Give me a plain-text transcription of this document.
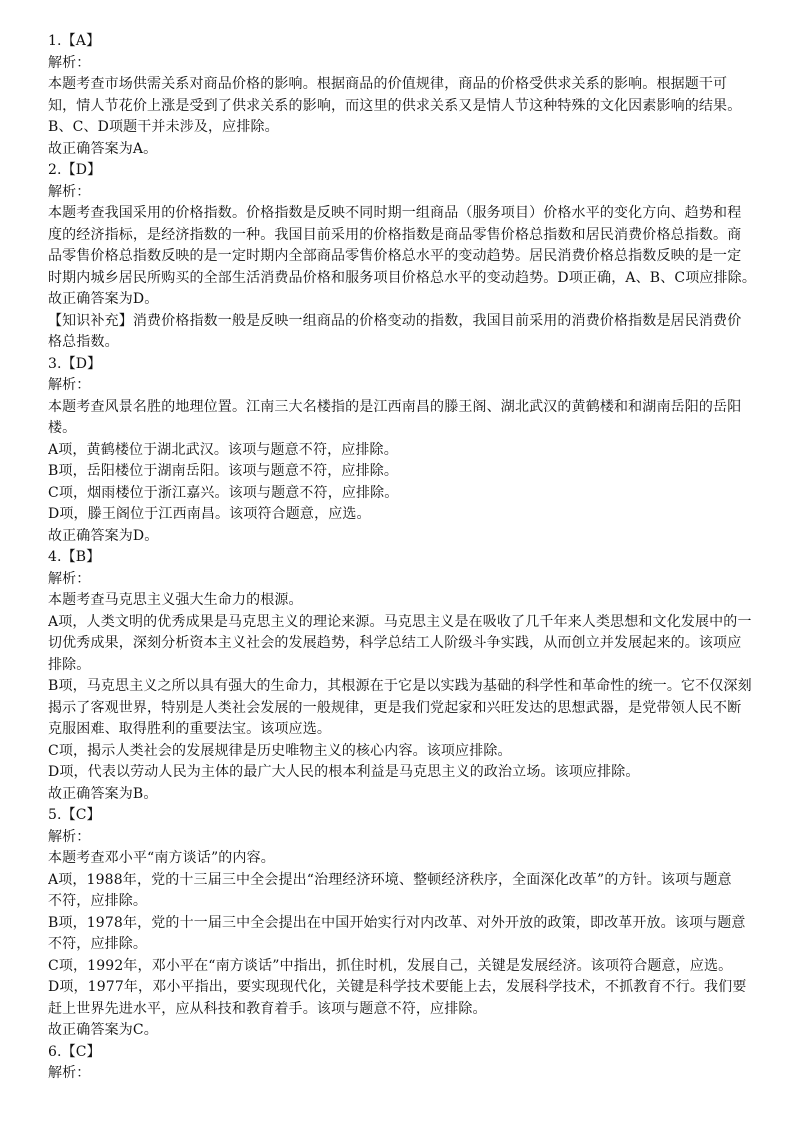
1.【A】
解析：
本题考查市场供需关系对商品价格的影响。根据商品的价值规律，商品的价格受供求关系的影响。根据题干可
知，情人节花价上涨是受到了供求关系的影响，而这里的供求关系又是情人节这种特殊的文化因素影响的结果。
B、C、D项题干并未涉及，应排除。
故正确答案为A。
2.【D】
解析：
本题考查我国采用的价格指数。价格指数是反映不同时期一组商品（服务项目）价格水平的变化方向、趋势和程
度的经济指标，是经济指数的一种。我国目前采用的价格指数是商品零售价格总指数和居民消费价格总指数。商
品零售价格总指数反映的是一定时期内全部商品零售价格总水平的变动趋势。居民消费价格总指数反映的是一定
时期内城乡居民所购买的全部生活消费品价格和服务项目价格总水平的变动趋势。D项正确，A、B、C项应排除。
故正确答案为D。
【知识补充】消费价格指数一般是反映一组商品的价格变动的指数，我国目前采用的消费价格指数是居民消费价
格总指数。
3.【D】
解析：
本题考查风景名胜的地理位置。江南三大名楼指的是江西南昌的滕王阁、湖北武汉的黄鹤楼和和湖南岳阳的岳阳
楼。
A项，黄鹤楼位于湖北武汉。该项与题意不符，应排除。
B项，岳阳楼位于湖南岳阳。该项与题意不符，应排除。
C项，烟雨楼位于浙江嘉兴。该项与题意不符，应排除。
D项，滕王阁位于江西南昌。该项符合题意，应选。
故正确答案为D。
4.【B】
解析：
本题考查马克思主义强大生命力的根源。
A项，人类文明的优秀成果是马克思主义的理论来源。马克思主义是在吸收了几千年来人类思想和文化发展中的一
切优秀成果，深刻分析资本主义社会的发展趋势，科学总结工人阶级斗争实践，从而创立并发展起来的。该项应
排除。
B项，马克思主义之所以具有强大的生命力，其根源在于它是以实践为基础的科学性和革命性的统一。它不仅深刻
揭示了客观世界，特别是人类社会发展的一般规律，更是我们党起家和兴旺发达的思想武器，是党带领人民不断
克服困难、取得胜利的重要法宝。该项应选。
C项，揭示人类社会的发展规律是历史唯物主义的核心内容。该项应排除。
D项，代表以劳动人民为主体的最广大人民的根本利益是马克思主义的政治立场。该项应排除。
故正确答案为B。
5.【C】
解析：
本题考查邓小平“南方谈话”的内容。
A项，1988年，党的十三届三中全会提出“治理经济环境、整顿经济秩序，全面深化改革”的方针。该项与题意
不符，应排除。
B项，1978年，党的十一届三中全会提出在中国开始实行对内改革、对外开放的政策，即改革开放。该项与题意
不符，应排除。
C项，1992年，邓小平在“南方谈话”中指出，抓住时机，发展自己，关键是发展经济。该项符合题意，应选。
D项，1977年，邓小平指出，要实现现代化，关键是科学技术要能上去，发展科学技术，不抓教育不行。我们要
赶上世界先进水平，应从科技和教育着手。该项与题意不符，应排除。
故正确答案为C。
6.【C】
解析：
